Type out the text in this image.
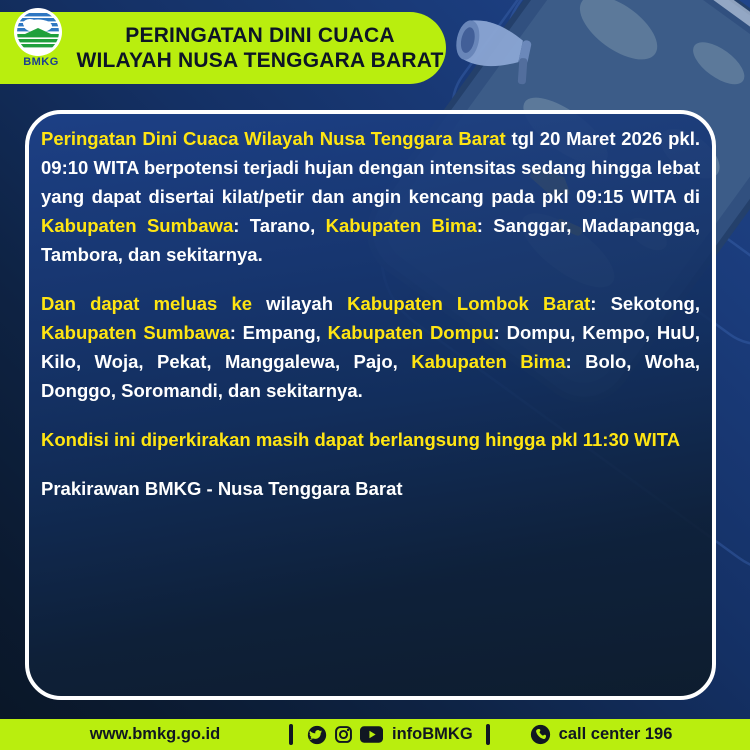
PERINGATAN DINI CUACA
WILAYAH NUSA TENGGARA BARAT
BMKG

Peringatan Dini Cuaca Wilayah Nusa Tenggara Barat tgl 20 Maret 2026 pkl. 09:10 WITA berpotensi terjadi hujan dengan intensitas sedang hingga lebat yang dapat disertai kilat/petir dan angin kencang pada pkl 09:15 WITA di Kabupaten Sumbawa: Tarano, Kabupaten Bima: Sanggar, Madapangga, Tambora, dan sekitarnya.

Dan dapat meluas ke wilayah Kabupaten Lombok Barat: Sekotong, Kabupaten Sumbawa: Empang, Kabupaten Dompu: Dompu, Kempo, HuU, Kilo, Woja, Pekat, Manggalewa, Pajo, Kabupaten Bima: Bolo, Woha, Donggo, Soromandi, dan sekitarnya.

Kondisi ini diperkirakan masih dapat berlangsung hingga pkl 11:30 WITA

Prakirawan BMKG - Nusa Tenggara Barat

www.bmkg.go.id	infoBMKG	call center 196
